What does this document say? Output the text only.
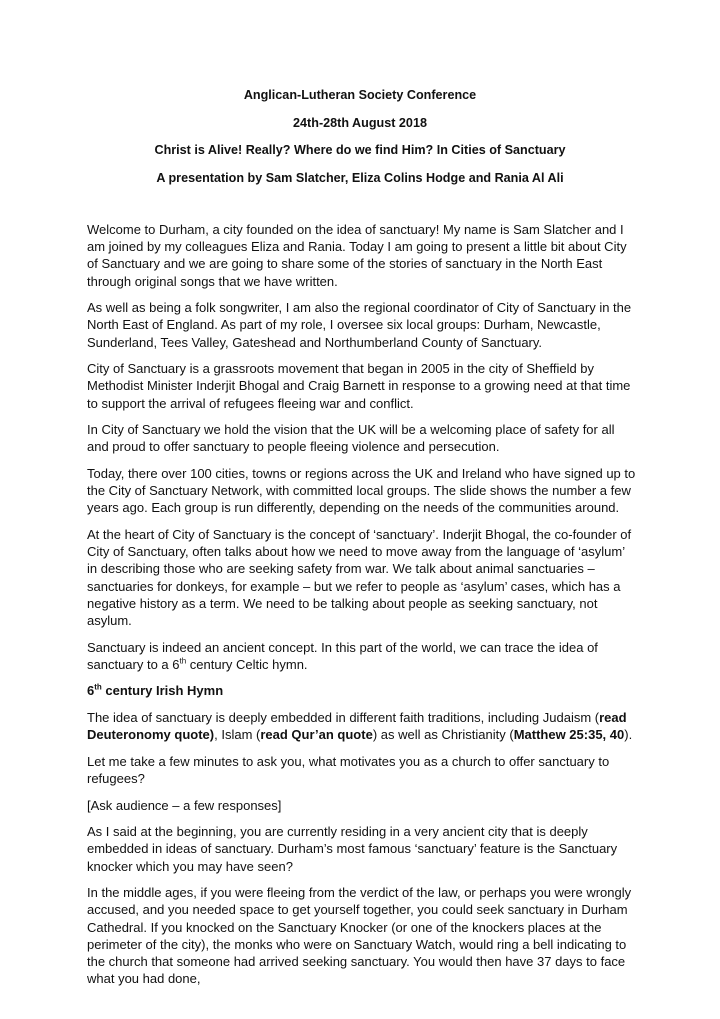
Anglican-Lutheran Society Conference
24th-28th August 2018
Christ is Alive! Really? Where do we find Him? In Cities of Sanctuary
A presentation by Sam Slatcher, Eliza Colins Hodge and Rania Al Ali

Welcome to Durham, a city founded on the idea of sanctuary! My name is Sam Slatcher and I am joined by my colleagues Eliza and Rania. Today I am going to present a little bit about City of Sanctuary and we are going to share some of the stories of sanctuary in the North East through original songs that we have written.

As well as being a folk songwriter, I am also the regional coordinator of City of Sanctuary in the North East of England. As part of my role, I oversee six local groups: Durham, Newcastle, Sunderland, Tees Valley, Gateshead and Northumberland County of Sanctuary.

City of Sanctuary is a grassroots movement that began in 2005 in the city of Sheffield by Methodist Minister Inderjit Bhogal and Craig Barnett in response to a growing need at that time to support the arrival of refugees fleeing war and conflict.

In City of Sanctuary we hold the vision that the UK will be a welcoming place of safety for all and proud to offer sanctuary to people fleeing violence and persecution.

Today, there over 100 cities, towns or regions across the UK and Ireland who have signed up to the City of Sanctuary Network, with committed local groups. The slide shows the number a few years ago. Each group is run differently, depending on the needs of the communities around.

At the heart of City of Sanctuary is the concept of ‘sanctuary’. Inderjit Bhogal, the co-founder of City of Sanctuary, often talks about how we need to move away from the language of ‘asylum’ in describing those who are seeking safety from war. We talk about animal sanctuaries – sanctuaries for donkeys, for example – but we refer to people as ‘asylum’ cases, which has a negative history as a term. We need to be talking about people as seeking sanctuary, not asylum.

Sanctuary is indeed an ancient concept. In this part of the world, we can trace the idea of sanctuary to a 6th century Celtic hymn.

6th century Irish Hymn

The idea of sanctuary is deeply embedded in different faith traditions, including Judaism (read Deuteronomy quote), Islam (read Qur’an quote) as well as Christianity (Matthew 25:35, 40).

Let me take a few minutes to ask you, what motivates you as a church to offer sanctuary to refugees?

[Ask audience – a few responses]

As I said at the beginning, you are currently residing in a very ancient city that is deeply embedded in ideas of sanctuary. Durham’s most famous ‘sanctuary’ feature is the Sanctuary knocker which you may have seen?

In the middle ages, if you were fleeing from the verdict of the law, or perhaps you were wrongly accused, and you needed space to get yourself together, you could seek sanctuary in Durham Cathedral. If you knocked on the Sanctuary Knocker (or one of the knockers places at the perimeter of the city), the monks who were on Sanctuary Watch, would ring a bell indicating to the church that someone had arrived seeking sanctuary. You would then have 37 days to face what you had done,
